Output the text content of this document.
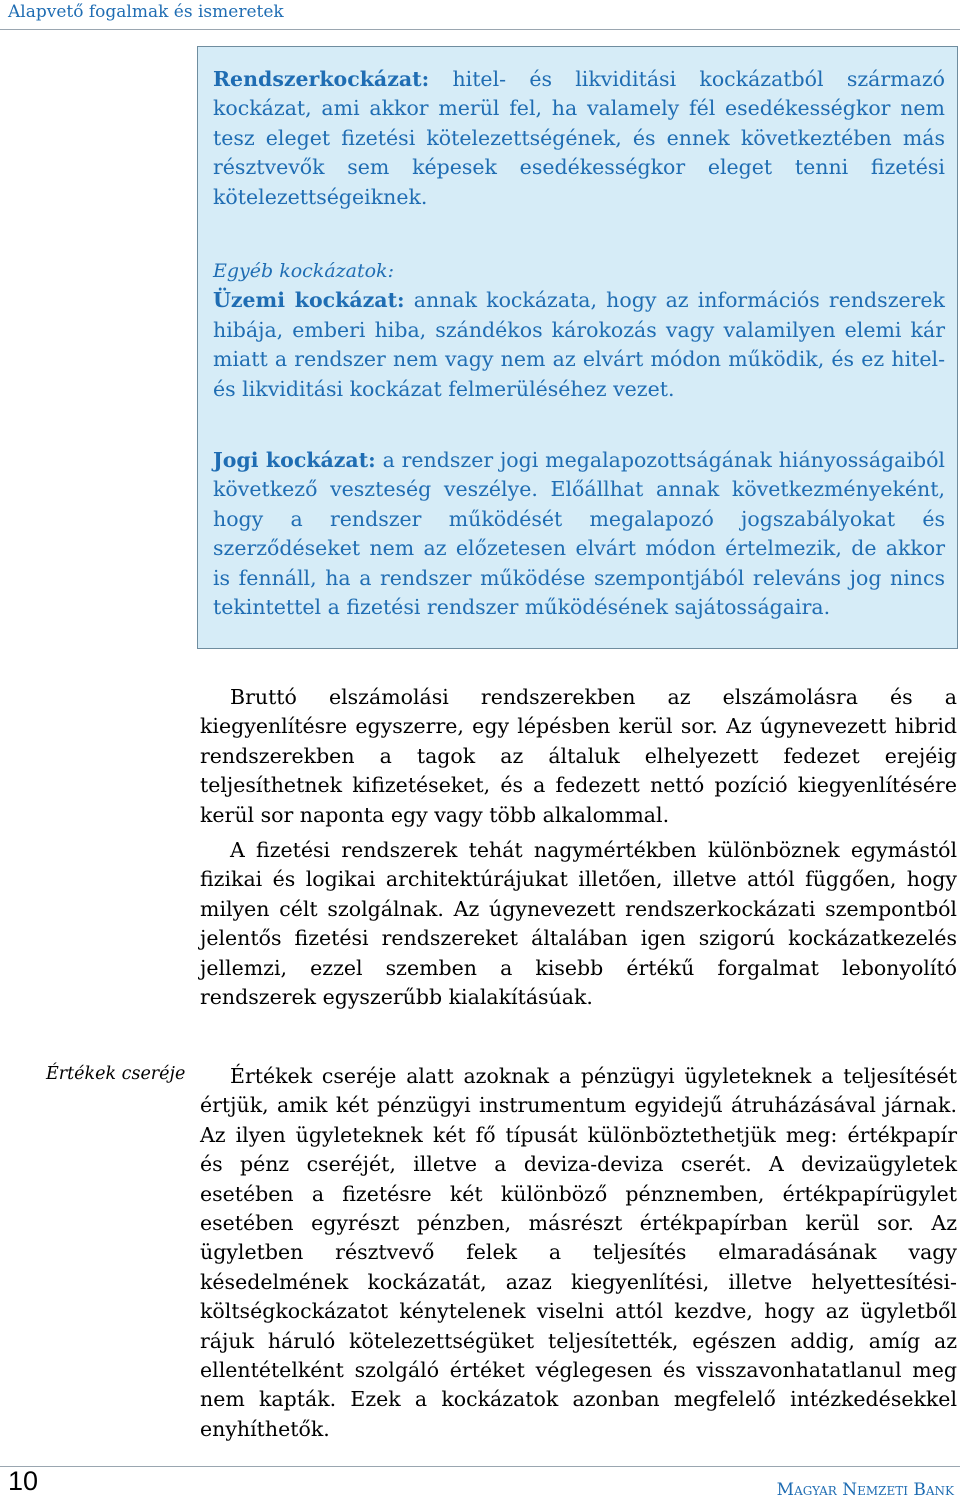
Alapvető fogalmak és ismeretek

Rendszerkockázat: hitel- és likviditási kockázatból származó kockázat, ami akkor merül fel, ha valamely fél esedékességkor nem tesz eleget fizetési kötelezettségének, és ennek következtében más résztvevők sem képesek esedékességkor eleget tenni fizetési kötelezettségeiknek.

Egyéb kockázatok:

Üzemi kockázat: annak kockázata, hogy az információs rendszerek hibája, emberi hiba, szándékos károkozás vagy valamilyen elemi kár miatt a rendszer nem vagy nem az elvárt módon működik, és ez hitel- és likviditási kockázat felmerüléséhez vezet.

Jogi kockázat: a rendszer jogi megalapozottságának hiányosságaiból következő veszteség veszélye. Előállhat annak következményeként, hogy a rendszer működését megalapozó jogszabályokat és szerződéseket nem az előzetesen elvárt módon értelmezik, de akkor is fennáll, ha a rendszer működése szempontjából releváns jog nincs tekintettel a fizetési rendszer működésének sajátosságaira.

Bruttó elszámolási rendszerekben az elszámolásra és a kiegyenlítésre egyszerre, egy lépésben kerül sor. Az úgynevezett hibrid rendszerekben a tagok az általuk elhelyezett fedezet erejéig teljesíthetnek kifizetéseket, és a fedezett nettó pozíció kiegyenlítésére kerül sor naponta egy vagy több alkalommal.

A fizetési rendszerek tehát nagymértékben különböznek egymástól fizikai és logikai architektúrájukat illetően, illetve attól függően, hogy milyen célt szolgálnak. Az úgynevezett rendszerkockázati szempontból jelentős fizetési rendszereket általában igen szigorú kockázatkezelés jellemzi, ezzel szemben a kisebb értékű forgalmat lebonyolító rendszerek egyszerűbb kialakításúak.

Értékek cseréje	Értékek cseréje alatt azoknak a pénzügyi ügyleteknek a teljesítését értjük, amik két pénzügyi instrumentum egyidejű átruházásával járnak. Az ilyen ügyleteknek két fő típusát különböztethetjük meg: értékpapír és pénz cseréjét, illetve a deviza-deviza cserét. A devizaügyletek esetében a fizetésre két különböző pénznemben, értékpapírügylet esetében egyrészt pénzben, másrészt értékpapírban kerül sor. Az ügyletben résztvevő felek a teljesítés elmaradásának vagy késedelmének kockázatát, azaz kiegyenlítési, illetve helyettesítési-költségkockázatot kénytelenek viselni attól kezdve, hogy az ügyletből rájuk háruló kötelezettségüket teljesítették, egészen addig, amíg az ellentételként szolgáló értéket véglegesen és visszavonhatatlanul meg nem kapták. Ezek a kockázatok azonban megfelelő intézkedésekkel enyhíthetők.
10	Magyar Nemzeti Bank
